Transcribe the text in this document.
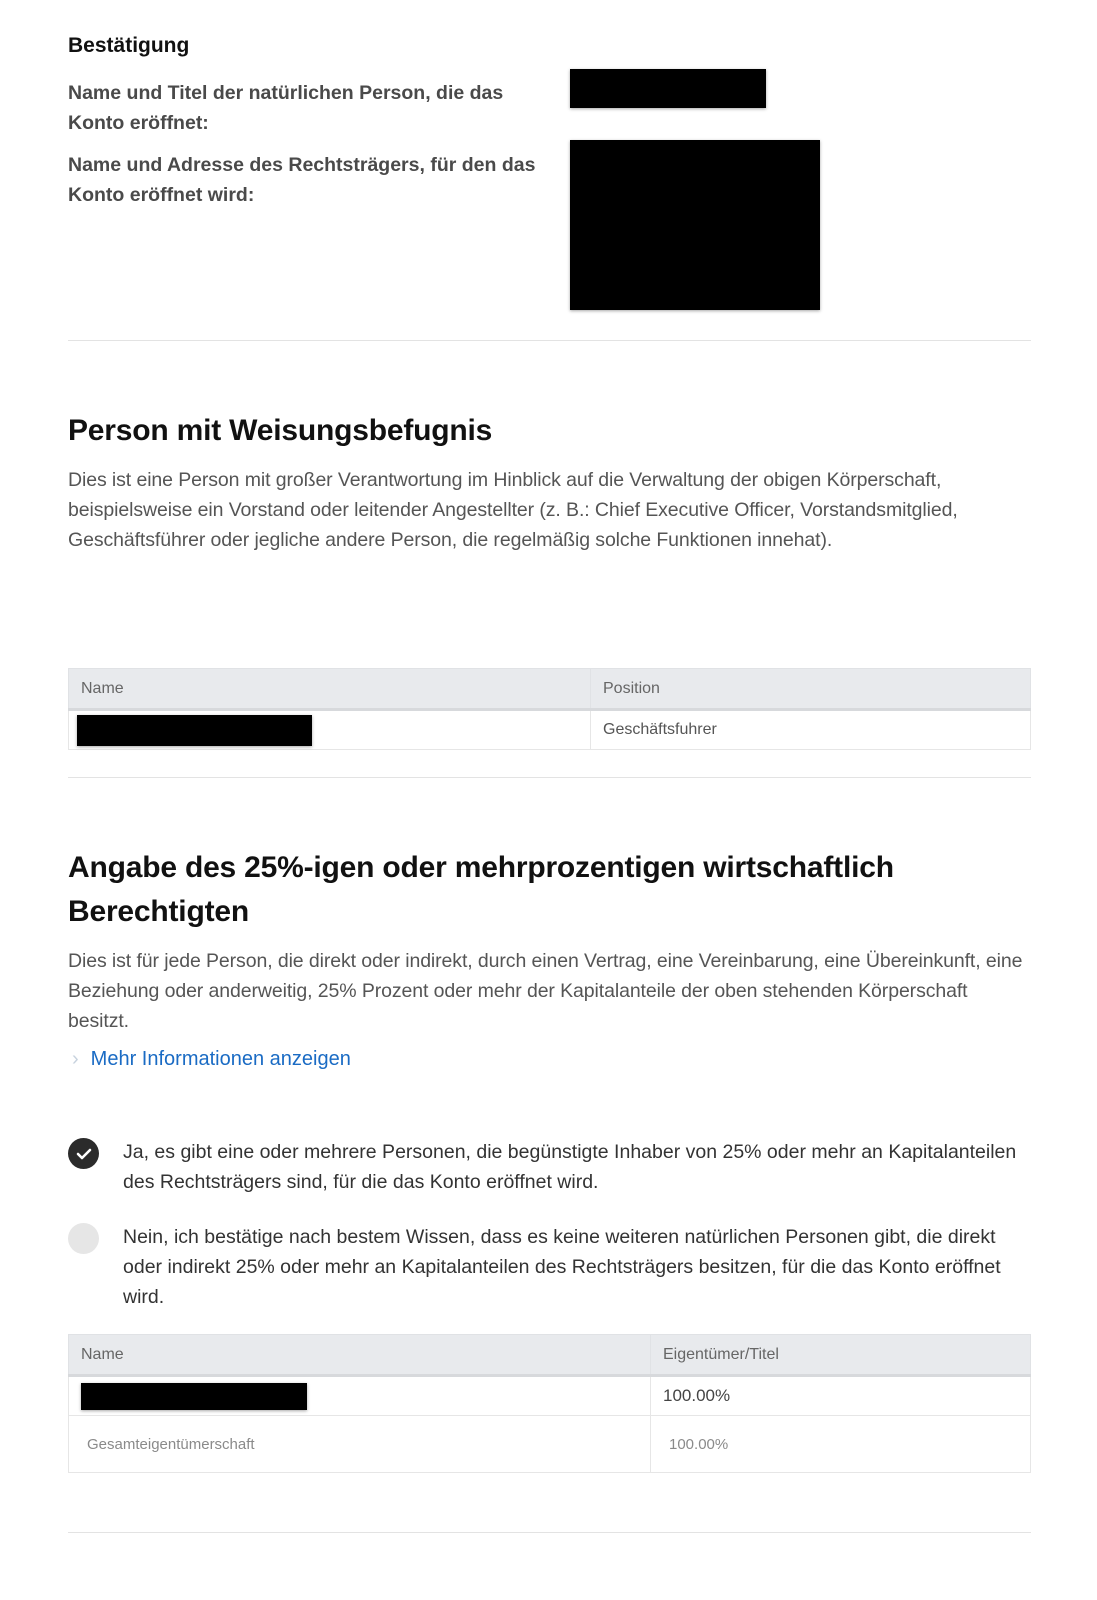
Bestätigung
Name und Titel der natürlichen Person, die das Konto eröffnet:
Name und Adresse des Rechtsträgers, für den das Konto eröffnet wird:
Person mit Weisungsbefugnis
Dies ist eine Person mit großer Verantwortung im Hinblick auf die Verwaltung der obigen Körperschaft, beispielsweise ein Vorstand oder leitender Angestellter (z. B.: Chief Executive Officer, Vorstandsmitglied, Geschäftsführer oder jegliche andere Person, die regelmäßig solche Funktionen innehat).
Name	Position
	Geschäftsfuhrer
Angabe des 25%-igen oder mehrprozentigen wirtschaftlich Berechtigten
Dies ist für jede Person, die direkt oder indirekt, durch einen Vertrag, eine Vereinbarung, eine Übereinkunft, eine Beziehung oder anderweitig, 25% Prozent oder mehr der Kapitalanteile der oben stehenden Körperschaft besitzt.
› Mehr Informationen anzeigen
Ja, es gibt eine oder mehrere Personen, die begünstigte Inhaber von 25% oder mehr an Kapitalanteilen des Rechtsträgers sind, für die das Konto eröffnet wird.
Nein, ich bestätige nach bestem Wissen, dass es keine weiteren natürlichen Personen gibt, die direkt oder indirekt 25% oder mehr an Kapitalanteilen des Rechtsträgers besitzen, für die das Konto eröffnet wird.
Name	Eigentümer/Titel
	100.00%
Gesamteigentümerschaft	100.00%
